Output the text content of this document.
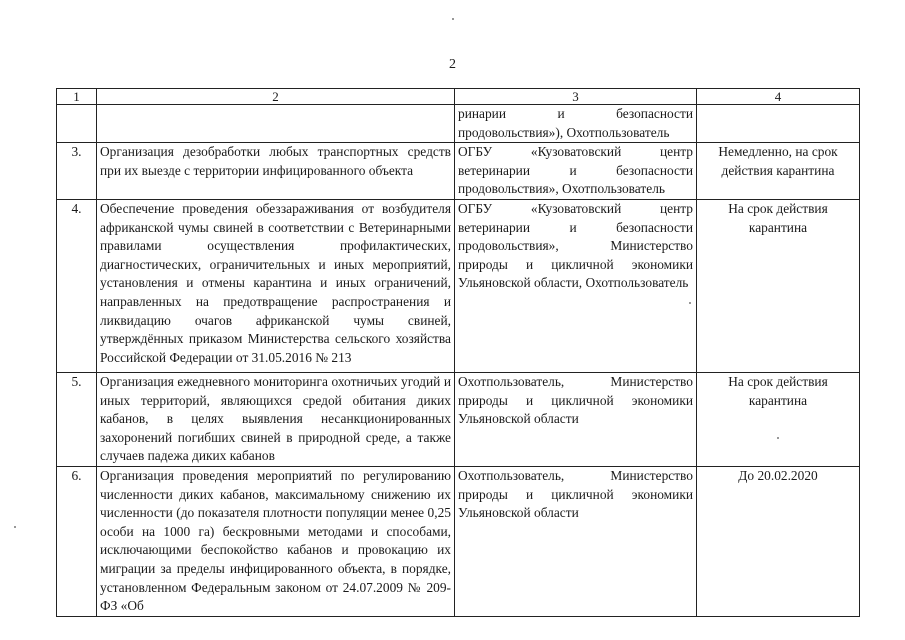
2
1	2	3	4
		ринарии и безопасности продовольствия»), Охотпользователь	
3.	Организация дезобработки любых транспортных средств при их выезде с территории инфицированного объекта	ОГБУ «Кузоватовский центр ветеринарии и безопасности продовольствия», Охотпользователь	Немедленно, на срок действия карантина
4.	Обеспечение проведения обеззараживания от возбудителя африканской чумы свиней в соответствии с Ветеринарными правилами осуществления профилактических, диагностических, ограничительных и иных мероприятий, установления и отмены карантина и иных ограничений, направленных на предотвращение распространения и ликвидацию очагов африканской чумы свиней, утверждённых приказом Министерства сельского хозяйства Российской Федерации от 31.05.2016 № 213	ОГБУ «Кузоватовский центр ветеринарии и безопасности продовольствия», Министерство природы и цикличной экономики Ульяновской области, Охотпользователь	На срок действия карантина
5.	Организация ежедневного мониторинга охотничьих угодий и иных территорий, являющихся средой обитания диких кабанов, в целях выявления несанкционированных захоронений погибших свиней в природной среде, а также случаев падежа диких кабанов	Охотпользователь, Министерство природы и цикличной экономики Ульяновской области	На срок действия карантина
6.	Организация проведения мероприятий по регулированию численности диких кабанов, максимальному снижению их численности (до показателя плотности популяции менее 0,25 особи на 1000 га) бескровными методами и способами, исключающими беспокойство кабанов и провокацию их миграции за пределы инфицированного объекта, в порядке, установленном Федеральным законом от 24.07.2009 № 209-ФЗ «Об	Охотпользователь, Министерство природы и цикличной экономики Ульяновской области	До 20.02.2020
